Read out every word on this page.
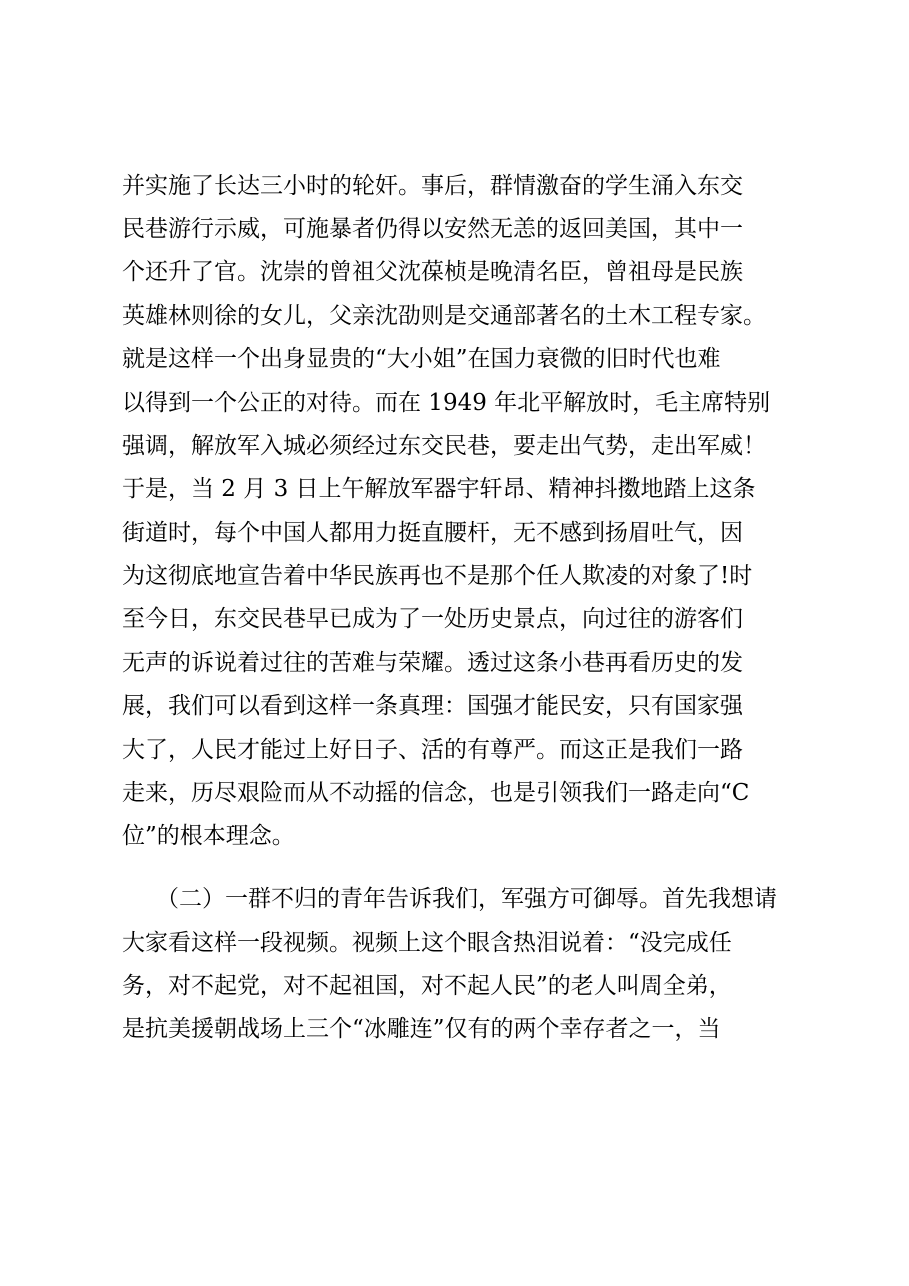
并实施了长达三小时的轮奸。事后，群情激奋的学生涌入东交
民巷游行示威，可施暴者仍得以安然无恙的返回美国，其中一
个还升了官。沈崇的曾祖父沈葆桢是晚清名臣，曾祖母是民族
英雄林则徐的女儿，父亲沈劭则是交通部著名的土木工程专家。
就是这样一个出身显贵的“大小姐”在国力衰微的旧时代也难
以得到一个公正的对待。而在 1949 年北平解放时，毛主席特别
强调，解放军入城必须经过东交民巷，要走出气势，走出军威！
于是，当 2 月 3 日上午解放军器宇轩昂、精神抖擞地踏上这条
街道时，每个中国人都用力挺直腰杆，无不感到扬眉吐气，因
为这彻底地宣告着中华民族再也不是那个任人欺凌的对象了!时
至今日，东交民巷早已成为了一处历史景点，向过往的游客们
无声的诉说着过往的苦难与荣耀。透过这条小巷再看历史的发
展，我们可以看到这样一条真理：国强才能民安，只有国家强
大了，人民才能过上好日子、活的有尊严。而这正是我们一路
走来，历尽艰险而从不动摇的信念，也是引领我们一路走向“C
位”的根本理念。
（二）一群不归的青年告诉我们，军强方可御辱。首先我想请
大家看这样一段视频。视频上这个眼含热泪说着：“没完成任
务，对不起党，对不起祖国，对不起人民”的老人叫周全弟，
是抗美援朝战场上三个“冰雕连”仅有的两个幸存者之一，当
